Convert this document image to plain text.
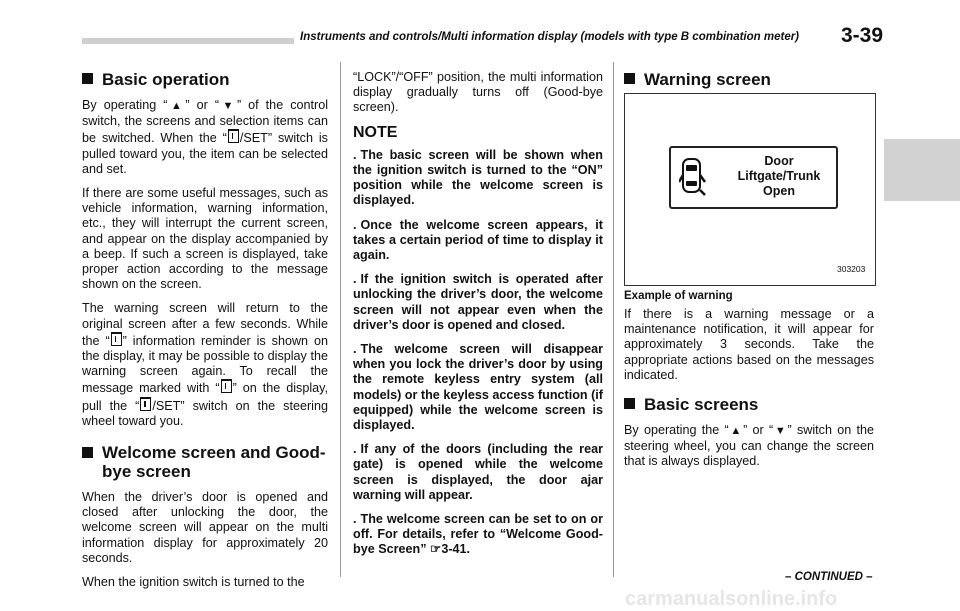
Instruments and controls/Multi information display (models with type B combination meter) 3-39
Basic operation

By operating “▲” or “▼” of the control switch, the screens and selection items can be switched. When the “ /SET” switch is pulled toward you, the item can be selected and set.

If there are some useful messages, such as vehicle information, warning information, etc., they will interrupt the current screen, and appear on the display accompanied by a beep. If such a screen is displayed, take proper action according to the message shown on the screen.

The warning screen will return to the original screen after a few seconds. While the “ ” information reminder is shown on the display, it may be possible to display the warning screen again. To recall the message marked with “ ” on the display, pull the “ /SET” switch on the steering wheel toward you.

Welcome screen and Good-bye screen

When the driver’s door is opened and closed after unlocking the door, the welcome screen will appear on the multi information display for approximately 20 seconds.

When the ignition switch is turned to the

“LOCK”/“OFF” position, the multi information display gradually turns off (Good-bye screen).

NOTE

. The basic screen will be shown when the ignition switch is turned to the “ON” position while the welcome screen is displayed.

. Once the welcome screen appears, it takes a certain period of time to display it again.

. If the ignition switch is operated after unlocking the driver’s door, the welcome screen will not appear even when the driver’s door is opened and closed.

. The welcome screen will disappear when you lock the driver’s door by using the remote keyless entry system (all models) or the keyless access function (if equipped) while the welcome screen is displayed.

. If any of the doors (including the rear gate) is opened while the welcome screen is displayed, the door ajar warning will appear.

. The welcome screen can be set to on or off. For details, refer to “Welcome Good-bye Screen” ☞3-41.

Warning screen
Door
Liftgate/Trunk
Open
303203
Example of warning

If there is a warning message or a maintenance notification, it will appear for approximately 3 seconds. Take the appropriate actions based on the messages indicated.

Basic screens

By operating the “▲” or “▼” switch on the steering wheel, you can change the screen that is always displayed.

– CONTINUED –
carmanualsonline.info
